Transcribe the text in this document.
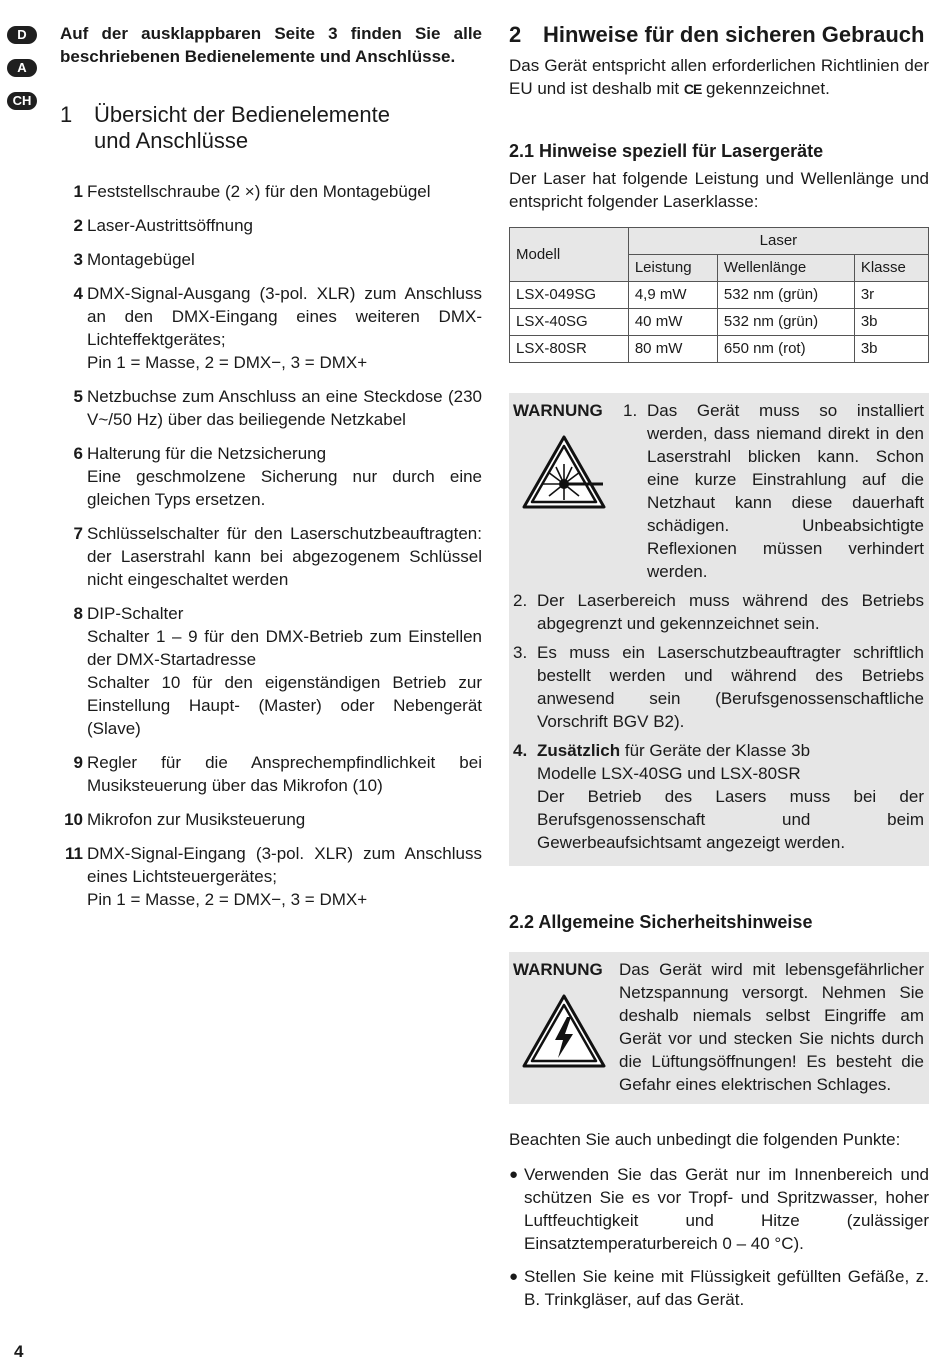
D
A
CH

Auf der ausklappbaren Seite 3 finden Sie alle beschriebenen Bedienelemente und Anschlüsse.

1 Übersicht der Bedienelemente
und Anschlüsse
1 Feststellschraube (2 ×) für den Montagebügel
2 Laser-Austrittsöffnung
3 Montagebügel
4 DMX-Signal-Ausgang (3-pol. XLR) zum Anschluss an den DMX-Eingang eines weiteren DMX-Lichteffektgerätes;
Pin 1 = Masse, 2 = DMX−, 3 = DMX+
5 Netzbuchse zum Anschluss an eine Steckdose (230 V~/50 Hz) über das beiliegende Netzkabel
6 Halterung für die Netzsicherung
Eine geschmolzene Sicherung nur durch eine gleichen Typs ersetzen.
7 Schlüsselschalter für den Laserschutzbeauftragten: der Laserstrahl kann bei abgezogenem Schlüssel nicht eingeschaltet werden
8 DIP-Schalter
Schalter 1 – 9 für den DMX-Betrieb zum Einstellen der DMX-Startadresse
Schalter 10 für den eigenständigen Betrieb zur Einstellung Haupt- (Master) oder Nebengerät (Slave)
9 Regler für die Ansprechempfindlichkeit bei Musiksteuerung über das Mikrofon (10)
10 Mikrofon zur Musiksteuerung
11 DMX-Signal-Eingang (3-pol. XLR) zum Anschluss eines Lichtsteuergerätes;
Pin 1 = Masse, 2 = DMX−, 3 = DMX+
2 Hinweise für den sicheren Gebrauch

Das Gerät entspricht allen erforderlichen Richtlinien der EU und ist deshalb mit CE gekennzeichnet.

2.1 Hinweise speziell für Lasergeräte

Der Laser hat folgende Leistung und Wellenlänge und entspricht folgender Laserklasse:

Modell	Laser		
	Leistung	Wellenlänge	Klasse
LSX-049SG	4,9 mW	532 nm (grün)	3r
LSX-40SG	40 mW	532 nm (grün)	3b
LSX-80SR	80 mW	650 nm (rot)	3b
WARNUNG	1. Das Gerät muss so installiert werden, dass niemand direkt in den Laserstrahl blicken kann. Schon eine kurze Einstrahlung auf die Netzhaut kann diese dauerhaft schädigen. Unbeabsichtigte Reflexionen müssen verhindert werden.
2. Der Laserbereich muss während des Betriebs abgegrenzt und gekennzeichnet sein.
3. Es muss ein Laserschutzbeauftragter schriftlich bestellt werden und während des Betriebs anwesend sein (Berufsgenossenschaftliche Vorschrift BGV B2).
4. Zusätzlich für Geräte der Klasse 3b
Modelle LSX-40SG und LSX-80SR
Der Betrieb des Lasers muss bei der Berufsgenossenschaft und beim Gewerbeaufsichtsamt angezeigt werden.
2.2 Allgemeine Sicherheitshinweise
WARNUNG Das Gerät wird mit lebensgefährlicher Netzspannung versorgt. Nehmen Sie deshalb niemals selbst Eingriffe am Gerät vor und stecken Sie nichts durch die Lüftungsöffnungen! Es besteht die Gefahr eines elektrischen Schlages.

Beachten Sie auch unbedingt die folgenden Punkte:

● Verwenden Sie das Gerät nur im Innenbereich und schützen Sie es vor Tropf- und Spritzwasser, hoher Luftfeuchtigkeit und Hitze (zulässiger Einsatztemperaturbereich 0 – 40 °C).
● Stellen Sie keine mit Flüssigkeit gefüllten Gefäße, z. B. Trinkgläser, auf das Gerät.
4
